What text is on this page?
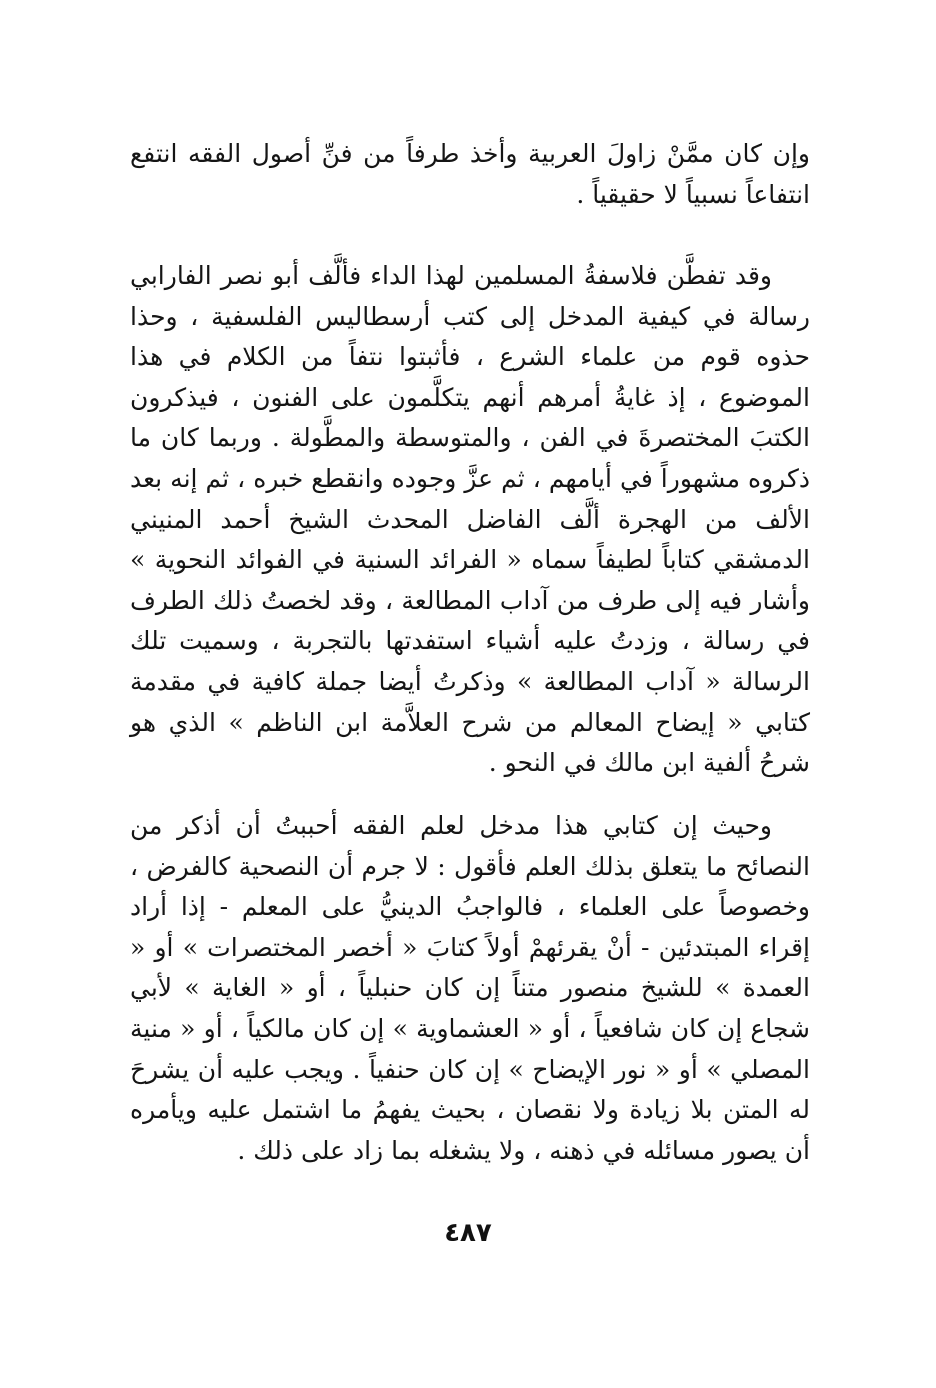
وإن كان ممَّنْ زاولَ العربية وأخذ طرفاً من فنِّ أصول الفقه انتفع انتفاعاً نسبياً لا حقيقياً .

وقد تفطَّن فلاسفةُ المسلمين لهذا الداء فألَّف أبو نصر الفارابي رسالة في كيفية المدخل إلى كتب أرسطاليس الفلسفية ، وحذا حذوه قوم من علماء الشرع ، فأثبتوا نتفاً من الكلام في هذا الموضوع ، إذ غايةُ أمرهم أنهم يتكلَّمون على الفنون ، فيذكرون الكتبَ المختصرةَ في الفن ، والمتوسطة والمطَّولة . وربما كان ما ذكروه مشهوراً في أيامهم ، ثم عزَّ وجوده وانقطع خبره ، ثم إنه بعد الألف من الهجرة ألَّف الفاضل المحدث الشيخ أحمد المنيني الدمشقي كتاباً لطيفاً سماه « الفرائد السنية في الفوائد النحوية » وأشار فيه إلى طرف من آداب المطالعة ، وقد لخصتُ ذلك الطرف في رسالة ، وزدتُ عليه أشياء استفدتها بالتجربة ، وسميت تلك الرسالة « آداب المطالعة » وذكرتُ أيضا جملة كافية في مقدمة كتابي « إيضاح المعالم من شرح العلاَّمة ابن الناظم » الذي هو شرحُ ألفية ابن مالك في النحو .

وحيث إن كتابي هذا مدخل لعلم الفقه أحببتُ أن أذكر من النصائح ما يتعلق بذلك العلم فأقول : لا جرم أن النصحية كالفرض ، وخصوصاً على العلماء ، فالواجبُ الدينيُّ على المعلم - إذا أراد إقراء المبتدئين - أنْ يقرئهمْ أولاً كتابَ « أخصر المختصرات » أو « العمدة » للشيخ منصور متناً إن كان حنبلياً ، أو « الغاية » لأبي شجاع إن كان شافعياً ، أو « العشماوية » إن كان مالكياً ، أو « منية المصلي » أو « نور الإيضاح » إن كان حنفياً . ويجب عليه أن يشرحَ له المتن بلا زيادة ولا نقصان ، بحيث يفهمُ ما اشتمل عليه ويأمره أن يصور مسائله في ذهنه ، ولا يشغله بما زاد على ذلك .

٤٨٧
